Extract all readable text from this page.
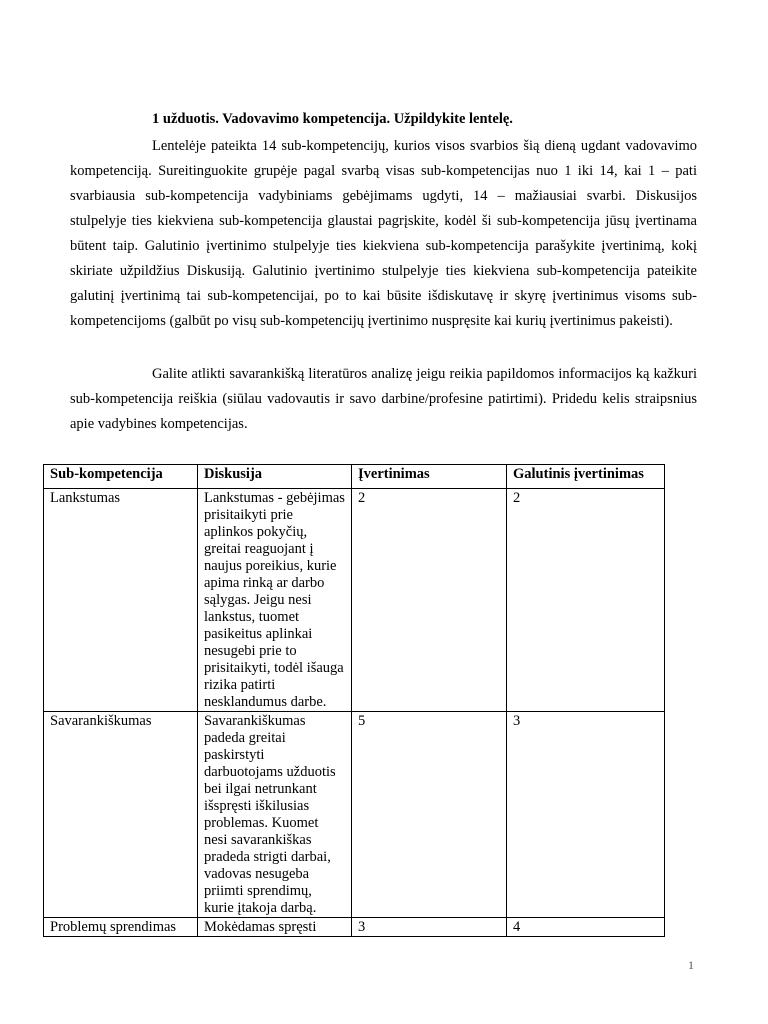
1 užduotis. Vadovavimo kompetencija. Užpildykite lentelę.

Lentelėje pateikta 14 sub-kompetencijų, kurios visos svarbios šią dieną ugdant vadovavimo kompetenciją. Sureitinguokite grupėje pagal svarbą visas sub-kompetencijas nuo 1 iki 14, kai 1 – pati svarbiausia sub-kompetencija vadybiniams gebėjimams ugdyti, 14 – mažiausiai svarbi. Diskusijos stulpelyje ties kiekviena sub-kompetencija glaustai pagrįskite, kodėl ši sub-kompetencija jūsų įvertinama būtent taip. Galutinio įvertinimo stulpelyje ties kiekviena sub-kompetencija parašykite įvertinimą, kokį skiriate užpildžius Diskusiją. Galutinio įvertinimo stulpelyje ties kiekviena sub-kompetencija pateikite galutinį įvertinimą tai sub-kompetencijai, po to kai būsite išdiskutavę ir skyrę įvertinimus visoms sub-kompetencijoms (galbūt po visų sub-kompetencijų įvertinimo nuspręsite kai kurių įvertinimus pakeisti).

Galite atlikti savarankišką literatūros analizę jeigu reikia papildomos informacijos ką kažkuri sub-kompetencija reiškia (siūlau vadovautis ir savo darbine/profesine patirtimi). Pridedu kelis straipsnius apie vadybines kompetencijas.

Sub-kompetencija	Diskusija	Įvertinimas	Galutinis įvertinimas
Lankstumas	Lankstumas - gebėjimas prisitaikyti prie aplinkos pokyčių, greitai reaguojant į naujus poreikius, kurie apima rinką ar darbo sąlygas. Jeigu nesi lankstus, tuomet pasikeitus aplinkai nesugebi prie to prisitaikyti, todėl išauga rizika patirti nesklandumus darbe.	2	2
Savarankiškumas	Savarankiškumas padeda greitai paskirstyti darbuotojams užduotis bei ilgai netrunkant išspręsti iškilusias problemas. Kuomet nesi savarankiškas pradeda strigti darbai, vadovas nesugeba priimti sprendimų, kurie įtakoja darbą.	5	3
Problemų sprendimas	Mokėdamas spręsti	3	4
1
